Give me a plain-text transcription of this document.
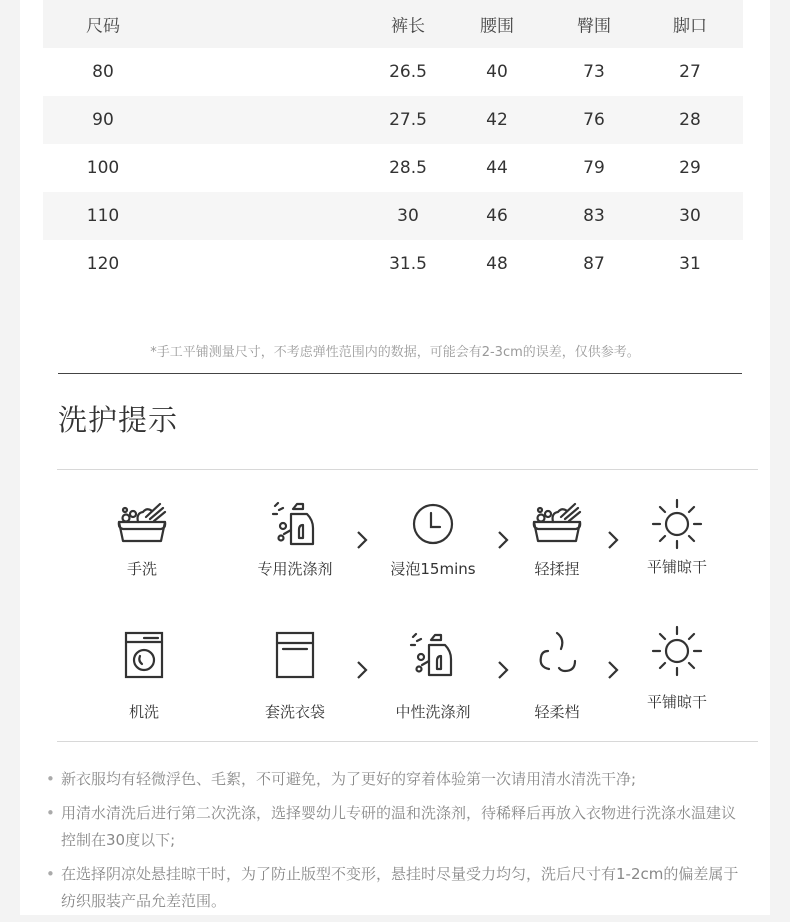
尺码	裤长	腰围	臀围	脚口
80	26.5	40	73	27
90	27.5	42	76	28
100	28.5	44	79	29
110	30	46	83	30
120	31.5	48	87	31
*手工平铺测量尺寸，不考虑弹性范围内的数据，可能会有2-3cm的误差，仅供参考。
洗护提示
手洗	专用洗涤剂	浸泡15mins	轻揉捏	平铺晾干
机洗	套洗衣袋	中性洗涤剂	轻柔档
平铺晾干
• 新衣服均有轻微浮色、毛絮，不可避免，为了更好的穿着体验第一次请用清水清洗干净;
• 用清水清洗后进行第二次洗涤，选择婴幼儿专研的温和洗涤剂，待稀释后再放入衣物进行洗涤水温建议控制在30度以下;
• 在选择阴凉处悬挂晾干时，为了防止版型不变形，悬挂时尽量受力均匀，洗后尺寸有1-2cm的偏差属于纺织服装产品允差范围。
